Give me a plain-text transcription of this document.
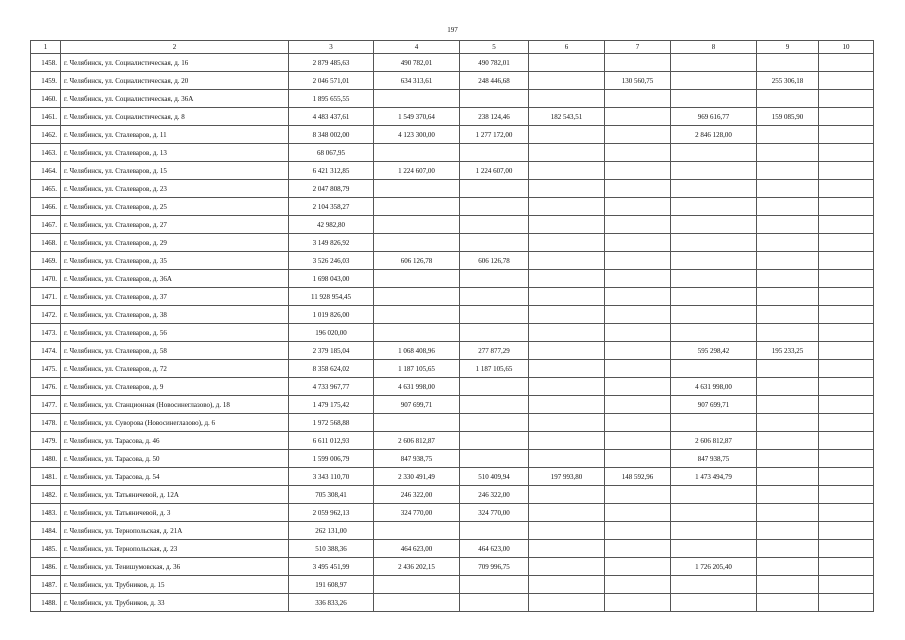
197
1	2	3	4	5	6	7	8	9	10
1458.	г. Челябинск, ул. Социалистическая, д. 16	2 879 485,63	490 782,01	490 782,01					
1459.	г. Челябинск, ул. Социалистическая, д. 20	2 046 571,01	634 313,61	248 446,68		130 560,75		255 306,18	
1460.	г. Челябинск, ул. Социалистическая, д. 36А	1 895 655,55							
1461.	г. Челябинск, ул. Социалистическая, д. 8	4 483 437,61	1 549 370,64	238 124,46	182 543,51		969 616,77	159 085,90	
1462.	г. Челябинск, ул. Сталеваров, д. 11	8 348 002,00	4 123 300,00	1 277 172,00			2 846 128,00		
1463.	г. Челябинск, ул. Сталеваров, д. 13	68 067,95							
1464.	г. Челябинск, ул. Сталеваров, д. 15	6 421 312,85	1 224 607,00	1 224 607,00					
1465.	г. Челябинск, ул. Сталеваров, д. 23	2 047 808,79							
1466.	г. Челябинск, ул. Сталеваров, д. 25	2 104 358,27							
1467.	г. Челябинск, ул. Сталеваров, д. 27	42 982,80							
1468.	г. Челябинск, ул. Сталеваров, д. 29	3 149 826,92							
1469.	г. Челябинск, ул. Сталеваров, д. 35	3 526 246,03	606 126,78	606 126,78					
1470.	г. Челябинск, ул. Сталеваров, д. 36А	1 698 043,00							
1471.	г. Челябинск, ул. Сталеваров, д. 37	11 928 954,45							
1472.	г. Челябинск, ул. Сталеваров, д. 38	1 019 826,00							
1473.	г. Челябинск, ул. Сталеваров, д. 56	196 020,00							
1474.	г. Челябинск, ул. Сталеваров, д. 58	2 379 185,04	1 068 408,96	277 877,29			595 298,42	195 233,25	
1475.	г. Челябинск, ул. Сталеваров, д. 72	8 358 624,02	1 187 105,65	1 187 105,65					
1476.	г. Челябинск, ул. Сталеваров, д. 9	4 733 967,77	4 631 998,00				4 631 998,00		
1477.	г. Челябинск, ул. Станционная (Новосинеглазово), д. 18	1 479 175,42	907 699,71				907 699,71		
1478.	г. Челябинск, ул. Суворова (Новосинеглазово), д. 6	1 972 568,88							
1479.	г. Челябинск, ул. Тарасова, д. 46	6 611 012,93	2 606 812,87				2 606 812,87		
1480.	г. Челябинск, ул. Тарасова, д. 50	1 599 006,79	847 938,75				847 938,75		
1481.	г. Челябинск, ул. Тарасова, д. 54	3 343 110,70	2 330 491,49	510 409,94	197 993,80	148 592,96	1 473 494,79		
1482.	г. Челябинск, ул. Татьяничевой, д. 12А	705 308,41	246 322,00	246 322,00					
1483.	г. Челябинск, ул. Татьяничевой, д. 3	2 059 962,13	324 770,00	324 770,00					
1484.	г. Челябинск, ул. Тернопольская, д. 21А	262 131,00							
1485.	г. Челябинск, ул. Тернопольская, д. 23	510 388,36	464 623,00	464 623,00					
1486.	г. Челябинск, ул. Тенишумовская, д. 36	3 495 451,99	2 436 202,15	709 996,75			1 726 205,40		
1487.	г. Челябинск, ул. Трубников, д. 15	191 608,97							
1488.	г. Челябинск, ул. Трубников, д. 33	336 833,26							
